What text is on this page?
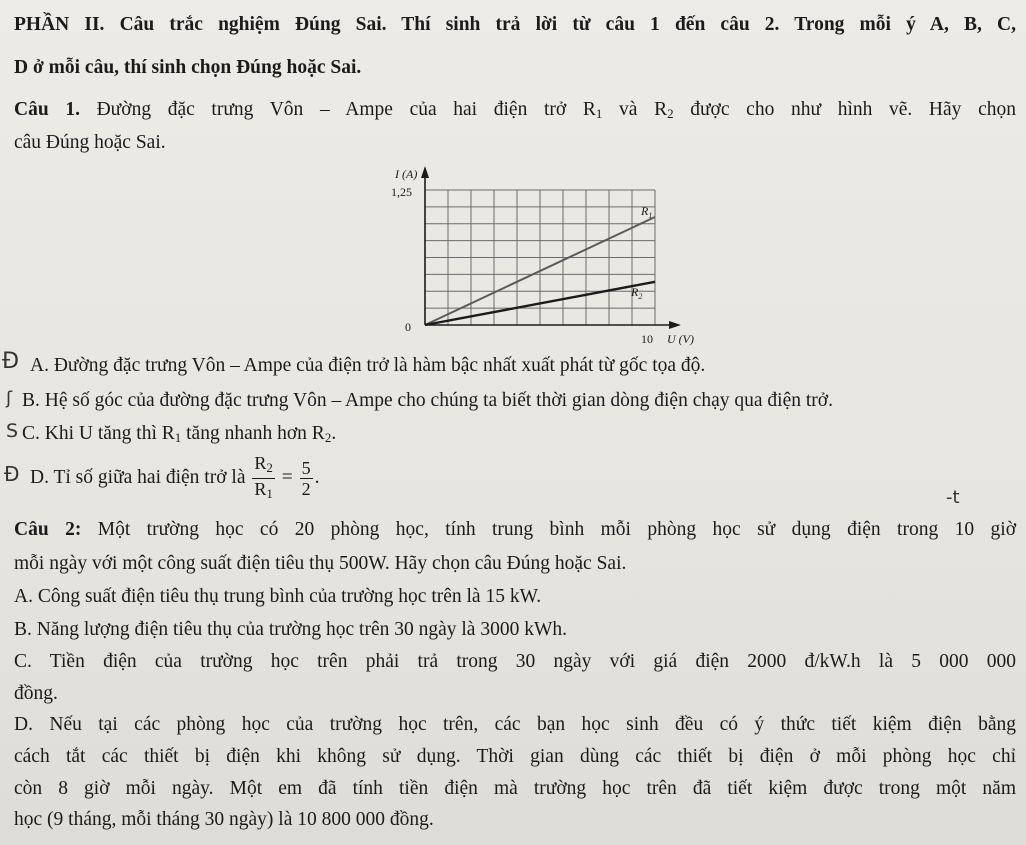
PHẦN II. Câu trắc nghiệm Đúng Sai. Thí sinh trả lời từ câu 1 đến câu 2. Trong mỗi ý A, B, C,
D ở mỗi câu, thí sinh chọn Đúng hoặc Sai.
Câu 1. Đường đặc trưng Vôn – Ampe của hai điện trở $R_1$ và $R_2$ được cho như hình vẽ. Hãy chọn
câu Đúng hoặc Sai.
$R_1$
$R_2$
I (A)
1,25
0
10 U (V)
Đ A. Đường đặc trưng Vôn – Ampe của điện trở là hàm bậc nhất xuất phát từ gốc tọa độ.
ʃ B. Hệ số góc của đường đặc trưng Vôn – Ampe cho chúng ta biết thời gian dòng điện chạy qua điện trở.
S C. Khi U tăng thì $R_1$ tăng nhanh hơn $R_2$.
Đ D. Tỉ số giữa hai điện trở là $\frac{R_2}{R_1} = \frac{5}{2}$ .
-t
Câu 2: Một trường học có 20 phòng học, tính trung bình mỗi phòng học sử dụng điện trong 10 giờ
mỗi ngày với một công suất điện tiêu thụ 500W. Hãy chọn câu Đúng hoặc Sai.
A. Công suất điện tiêu thụ trung bình của trường học trên là 15 kW.
B. Năng lượng điện tiêu thụ của trường học trên 30 ngày là 3000 kWh.
C. Tiền điện của trường học trên phải trả trong 30 ngày với giá điện 2000 đ/kW.h là 5 000 000
đồng.
D. Nếu tại các phòng học của trường học trên, các bạn học sinh đều có ý thức tiết kiệm điện bằng
cách tắt các thiết bị điện khi không sử dụng. Thời gian dùng các thiết bị điện ở mỗi phòng học chỉ
còn 8 giờ mỗi ngày. Một em đã tính tiền điện mà trường học trên đã tiết kiệm được trong một năm
học (9 tháng, mỗi tháng 30 ngày) là 10 800 000 đồng.
